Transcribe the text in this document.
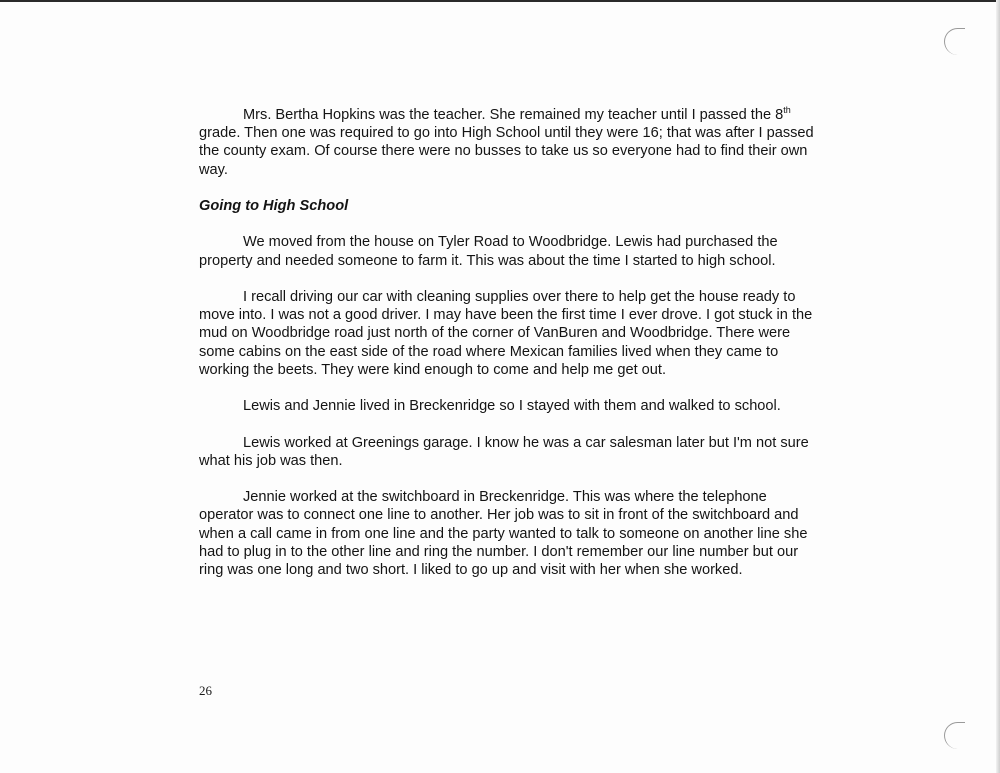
Mrs. Bertha Hopkins was the teacher. She remained my teacher until I passed the 8th grade. Then one was required to go into High School until they were 16; that was after I passed the county exam. Of course there were no busses to take us so everyone had to find their own way.

Going to High School

We moved from the house on Tyler Road to Woodbridge. Lewis had purchased the property and needed someone to farm it. This was about the time I started to high school.

I recall driving our car with cleaning supplies over there to help get the house ready to move into. I was not a good driver. I may have been the first time I ever drove. I got stuck in the mud on Woodbridge road just north of the corner of VanBuren and Woodbridge. There were some cabins on the east side of the road where Mexican families lived when they came to working the beets. They were kind enough to come and help me get out.

Lewis and Jennie lived in Breckenridge so I stayed with them and walked to school.

Lewis worked at Greenings garage. I know he was a car salesman later but I'm not sure what his job was then.

Jennie worked at the switchboard in Breckenridge. This was where the telephone operator was to connect one line to another. Her job was to sit in front of the switchboard and when a call came in from one line and the party wanted to talk to someone on another line she had to plug in to the other line and ring the number. I don't remember our line number but our ring was one long and two short. I liked to go up and visit with her when she worked.

26
